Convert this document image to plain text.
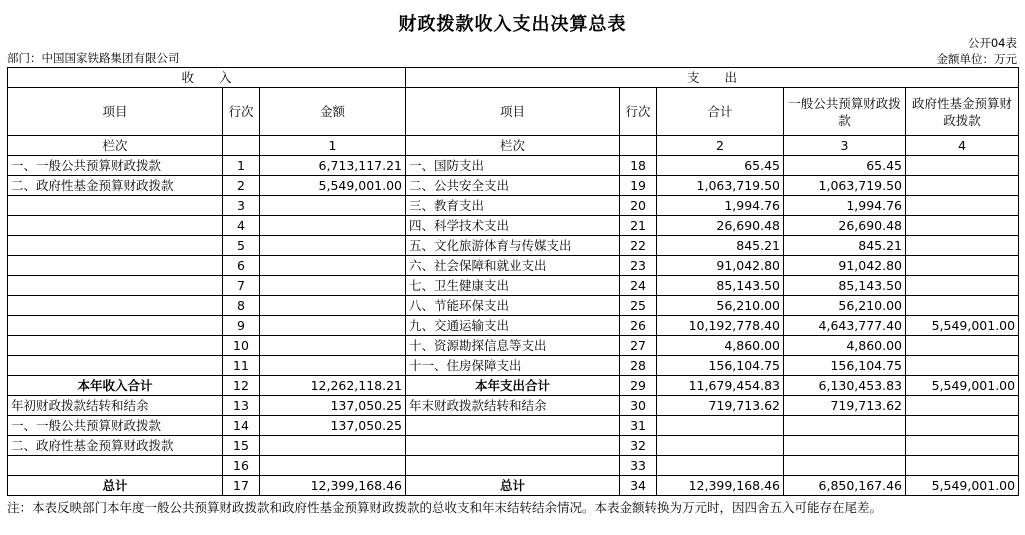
财政拨款收入支出决算总表
部门：中国国家铁路集团有限公司
公开04表
金额单位：万元
收　　入			支　　出				
项目	行次	金额	项目	行次	合计	一般公共预算财政拨款	政府性基金预算财政拨款
栏次		1	栏次		2	3	4
一、一般公共预算财政拨款	1	6,713,117.21	一、国防支出	18	65.45	65.45	
二、政府性基金预算财政拨款	2	5,549,001.00	二、公共安全支出	19	1,063,719.50	1,063,719.50	
	3		三、教育支出	20	1,994.76	1,994.76	
	4		四、科学技术支出	21	26,690.48	26,690.48	
	5		五、文化旅游体育与传媒支出	22	845.21	845.21	
	6		六、社会保障和就业支出	23	91,042.80	91,042.80	
	7		七、卫生健康支出	24	85,143.50	85,143.50	
	8		八、节能环保支出	25	56,210.00	56,210.00	
	9		九、交通运输支出	26	10,192,778.40	4,643,777.40	5,549,001.00
	10		十、资源勘探信息等支出	27	4,860.00	4,860.00	
	11		十一、住房保障支出	28	156,104.75	156,104.75	
本年收入合计	12	12,262,118.21	本年支出合计	29	11,679,454.83	6,130,453.83	5,549,001.00
年初财政拨款结转和结余	13	137,050.25	年末财政拨款结转和结余	30	719,713.62	719,713.62	
一、一般公共预算财政拨款	14	137,050.25		31			
二、政府性基金预算财政拨款	15			32			
	16			33			
总计	17	12,399,168.46	总计	34	12,399,168.46	6,850,167.46	5,549,001.00
注：本表反映部门本年度一般公共预算财政拨款和政府性基金预算财政拨款的总收支和年末结转结余情况。本表金额转换为万元时，因四舍五入可能存在尾差。
